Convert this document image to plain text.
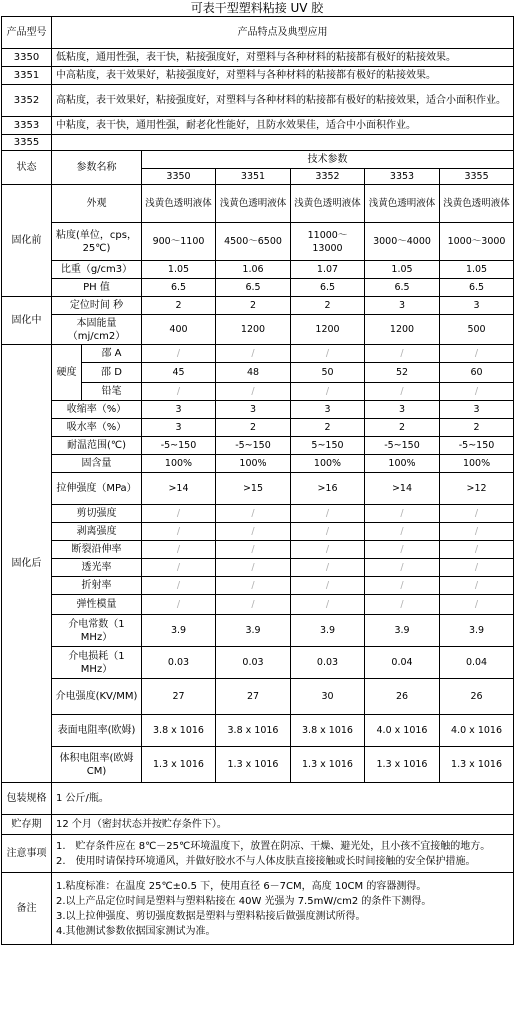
可表干型塑料粘接 UV 胶
产品型号	产品特点及典型应用						
3350	低粘度，通用性强，表干快，粘接强度好，对塑料与各种材料的粘接都有极好的粘接效果。						
3351	中高粘度，表干效果好，粘接强度好，对塑料与各种材料的粘接都有极好的粘接效果。						
3352	高粘度，表干效果好，粘接强度好，对塑料与各种材料的粘接都有极好的粘接效果，适合小面积作业。						
3353	中粘度，表干快，通用性强，耐老化性能好，且防水效果佳，适合中小面积作业。						
3355							
状态	参数名称		技术参数				
			3350	3351	3352	3353	3355
固化前	外观		浅黄色透明液体	浅黄色透明液体	浅黄色透明液体	浅黄色透明液体	浅黄色透明液体
	粘度(单位，cps，25℃)		900～1100	4500～6500	11000～13000	3000～4000	1000～3000
	比重（g/cm3）		1.05	1.06	1.07	1.05	1.05
	PH 值		6.5	6.5	6.5	6.5	6.5
固化中	定位时间 秒		2	2	2	3	3
	本固能量（mj/cm2）		400	1200	1200	1200	500
固化后	硬度	邵 A	/	/	/	/	/
		邵 D	45	48	50	52	60
		铅笔	/	/	/	/	/
	收缩率（%）		3	3	3	3	3
	吸水率（%）		3	2	2	2	2
	耐温范围(℃)		-5~150	-5~150	5~150	-5~150	-5~150
	固含量		100%	100%	100%	100%	100%
	拉伸强度（MPa）		>14	>15	>16	>14	>12
	剪切强度		/	/	/	/	/
	剥离强度		/	/	/	/	/
	断裂沿伸率		/	/	/	/	/
	透光率		/	/	/	/	/
	折射率		/	/	/	/	/
	弹性模量		/	/	/	/	/
	介电常数（1 MHz）		3.9	3.9	3.9	3.9	3.9
	介电损耗（1 MHz）		0.03	0.03	0.03	0.04	0.04
	介电强度(KV/MM)		27	27	30	26	26
	表面电阻率(欧姆)		3.8 x 1016	3.8 x 1016	3.8 x 1016	4.0 x 1016	4.0 x 1016
	体积电阻率(欧姆 CM)		1.3 x 1016	1.3 x 1016	1.3 x 1016	1.3 x 1016	1.3 x 1016
包装规格	1 公斤/瓶。						
贮存期	12 个月（密封状态并按贮存条件下）。						
注意事项	1.　贮存条件应在 8℃－25℃环境温度下，放置在阴凉、干燥、避光处，且小孩不宜接触的地方。
2.　使用时请保持环境通风，并做好胶水不与人体皮肤直接接触或长时间接触的安全保护措施。						

备注	1.粘度标准：在温度 25℃±0.5 下，使用直径 6－7CM，高度 10CM 的容器测得。
2.以上产品定位时间是塑料与塑料粘接在 40W 光强为 7.5mW/cm2 的条件下测得。
3.以上拉伸强度、剪切强度数据是塑料与塑料粘接后做强度测试所得。
4.其他测试参数依据国家测试为准。						
